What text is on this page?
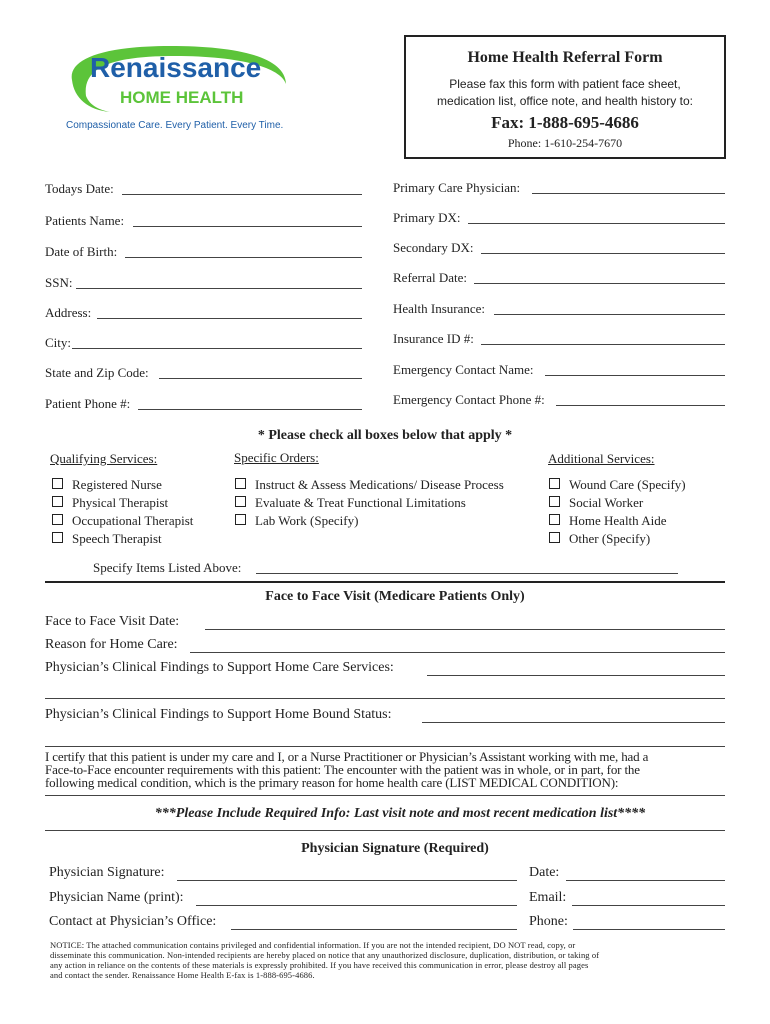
Renaissance
HOME HEALTH
Compassionate Care. Every Patient. Every Time.
Home Health Referral Form
Please fax this form with patient face sheet,
medication list, office note, and health history to:
Fax: 1-888-695-4686
Phone: 1-610-254-7670
Todays Date:
Patients Name:
Date of Birth:
SSN:
Address:
City:
State and Zip Code:
Patient Phone #:
Primary Care Physician:
Primary DX:
Secondary DX:
Referral Date:
Health Insurance:
Insurance ID #:
Emergency Contact Name:
Emergency Contact Phone #:
* Please check all boxes below that apply *
Qualifying Services:	Specific Orders:	Additional Services:
Registered Nurse
Physical Therapist
Occupational Therapist
Speech Therapist
Instruct & Assess Medications/ Disease Process
Evaluate & Treat Functional Limitations
Lab Work (Specify)
Wound Care (Specify)
Social Worker
Home Health Aide
Other (Specify)
Specify Items Listed Above:
Face to Face Visit (Medicare Patients Only)
Face to Face Visit Date:
Reason for Home Care:
Physician’s Clinical Findings to Support Home Care Services:
Physician’s Clinical Findings to Support Home Bound Status:
I certify that this patient is under my care and I, or a Nurse Practitioner or Physician’s Assistant working with me, had a
Face-to-Face encounter requirements with this patient: The encounter with the patient was in whole, or in part, for the
following medical condition, which is the primary reason for home health care (LIST MEDICAL CONDITION):
***Please Include Required Info: Last visit note and most recent medication list****
Physician Signature (Required)
Physician Signature:	Date:
Physician Name (print):	Email:
Contact at Physician’s Office:	Phone:
NOTICE: The attached communication contains privileged and confidential information. If you are not the intended recipient, DO NOT read, copy, or
disseminate this communication. Non-intended recipients are hereby placed on notice that any unauthorized disclosure, duplication, distribution, or taking of
any action in reliance on the contents of these materials is expressly prohibited. If you have received this communication in error, please destroy all pages
and contact the sender. Renaissance Home Health E-fax is 1-888-695-4686.
